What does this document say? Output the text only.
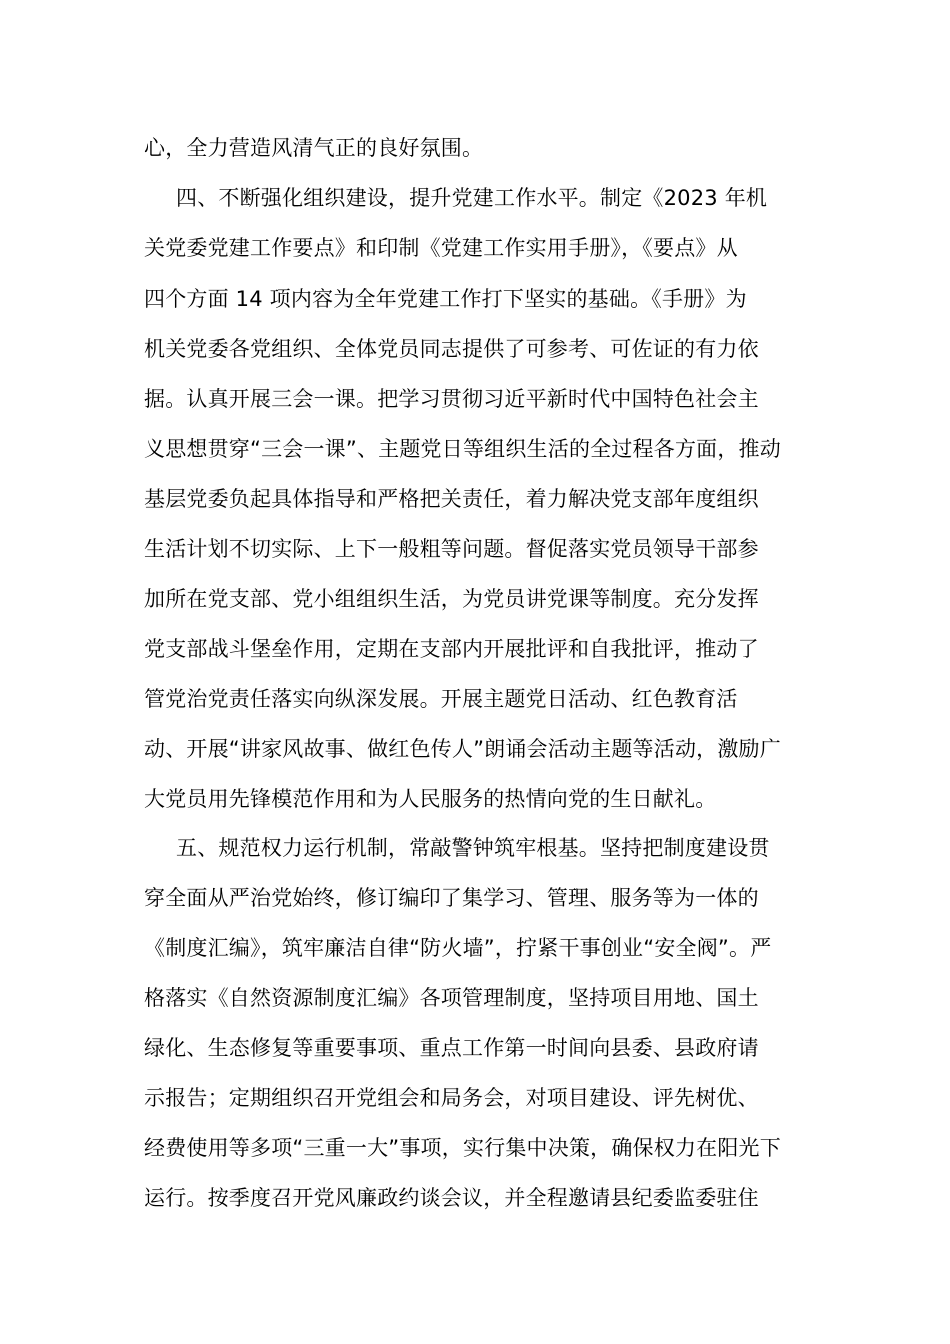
心，全力营造风清气正的良好氛围。
四、不断强化组织建设，提升党建工作水平。制定《2023 年机
关党委党建工作要点》和印制《党建工作实用手册》，《要点》从
四个方面 14 项内容为全年党建工作打下坚实的基础。《手册》为
机关党委各党组织、全体党员同志提供了可参考、可佐证的有力依
据。认真开展三会一课。把学习贯彻习近平新时代中国特色社会主
义思想贯穿“三会一课”、主题党日等组织生活的全过程各方面，推动
基层党委负起具体指导和严格把关责任，着力解决党支部年度组织
生活计划不切实际、上下一般粗等问题。督促落实党员领导干部参
加所在党支部、党小组组织生活，为党员讲党课等制度。充分发挥
党支部战斗堡垒作用，定期在支部内开展批评和自我批评，推动了
管党治党责任落实向纵深发展。开展主题党日活动、红色教育活
动、开展“讲家风故事、做红色传人”朗诵会活动主题等活动，激励广
大党员用先锋模范作用和为人民服务的热情向党的生日献礼。
五、规范权力运行机制，常敲警钟筑牢根基。坚持把制度建设贯
穿全面从严治党始终，修订编印了集学习、管理、服务等为一体的
《制度汇编》，筑牢廉洁自律“防火墙”，拧紧干事创业“安全阀”。严
格落实《自然资源制度汇编》各项管理制度，坚持项目用地、国土
绿化、生态修复等重要事项、重点工作第一时间向县委、县政府请
示报告；定期组织召开党组会和局务会，对项目建设、评先树优、
经费使用等多项“三重一大”事项，实行集中决策，确保权力在阳光下
运行。按季度召开党风廉政约谈会议，并全程邀请县纪委监委驻住
